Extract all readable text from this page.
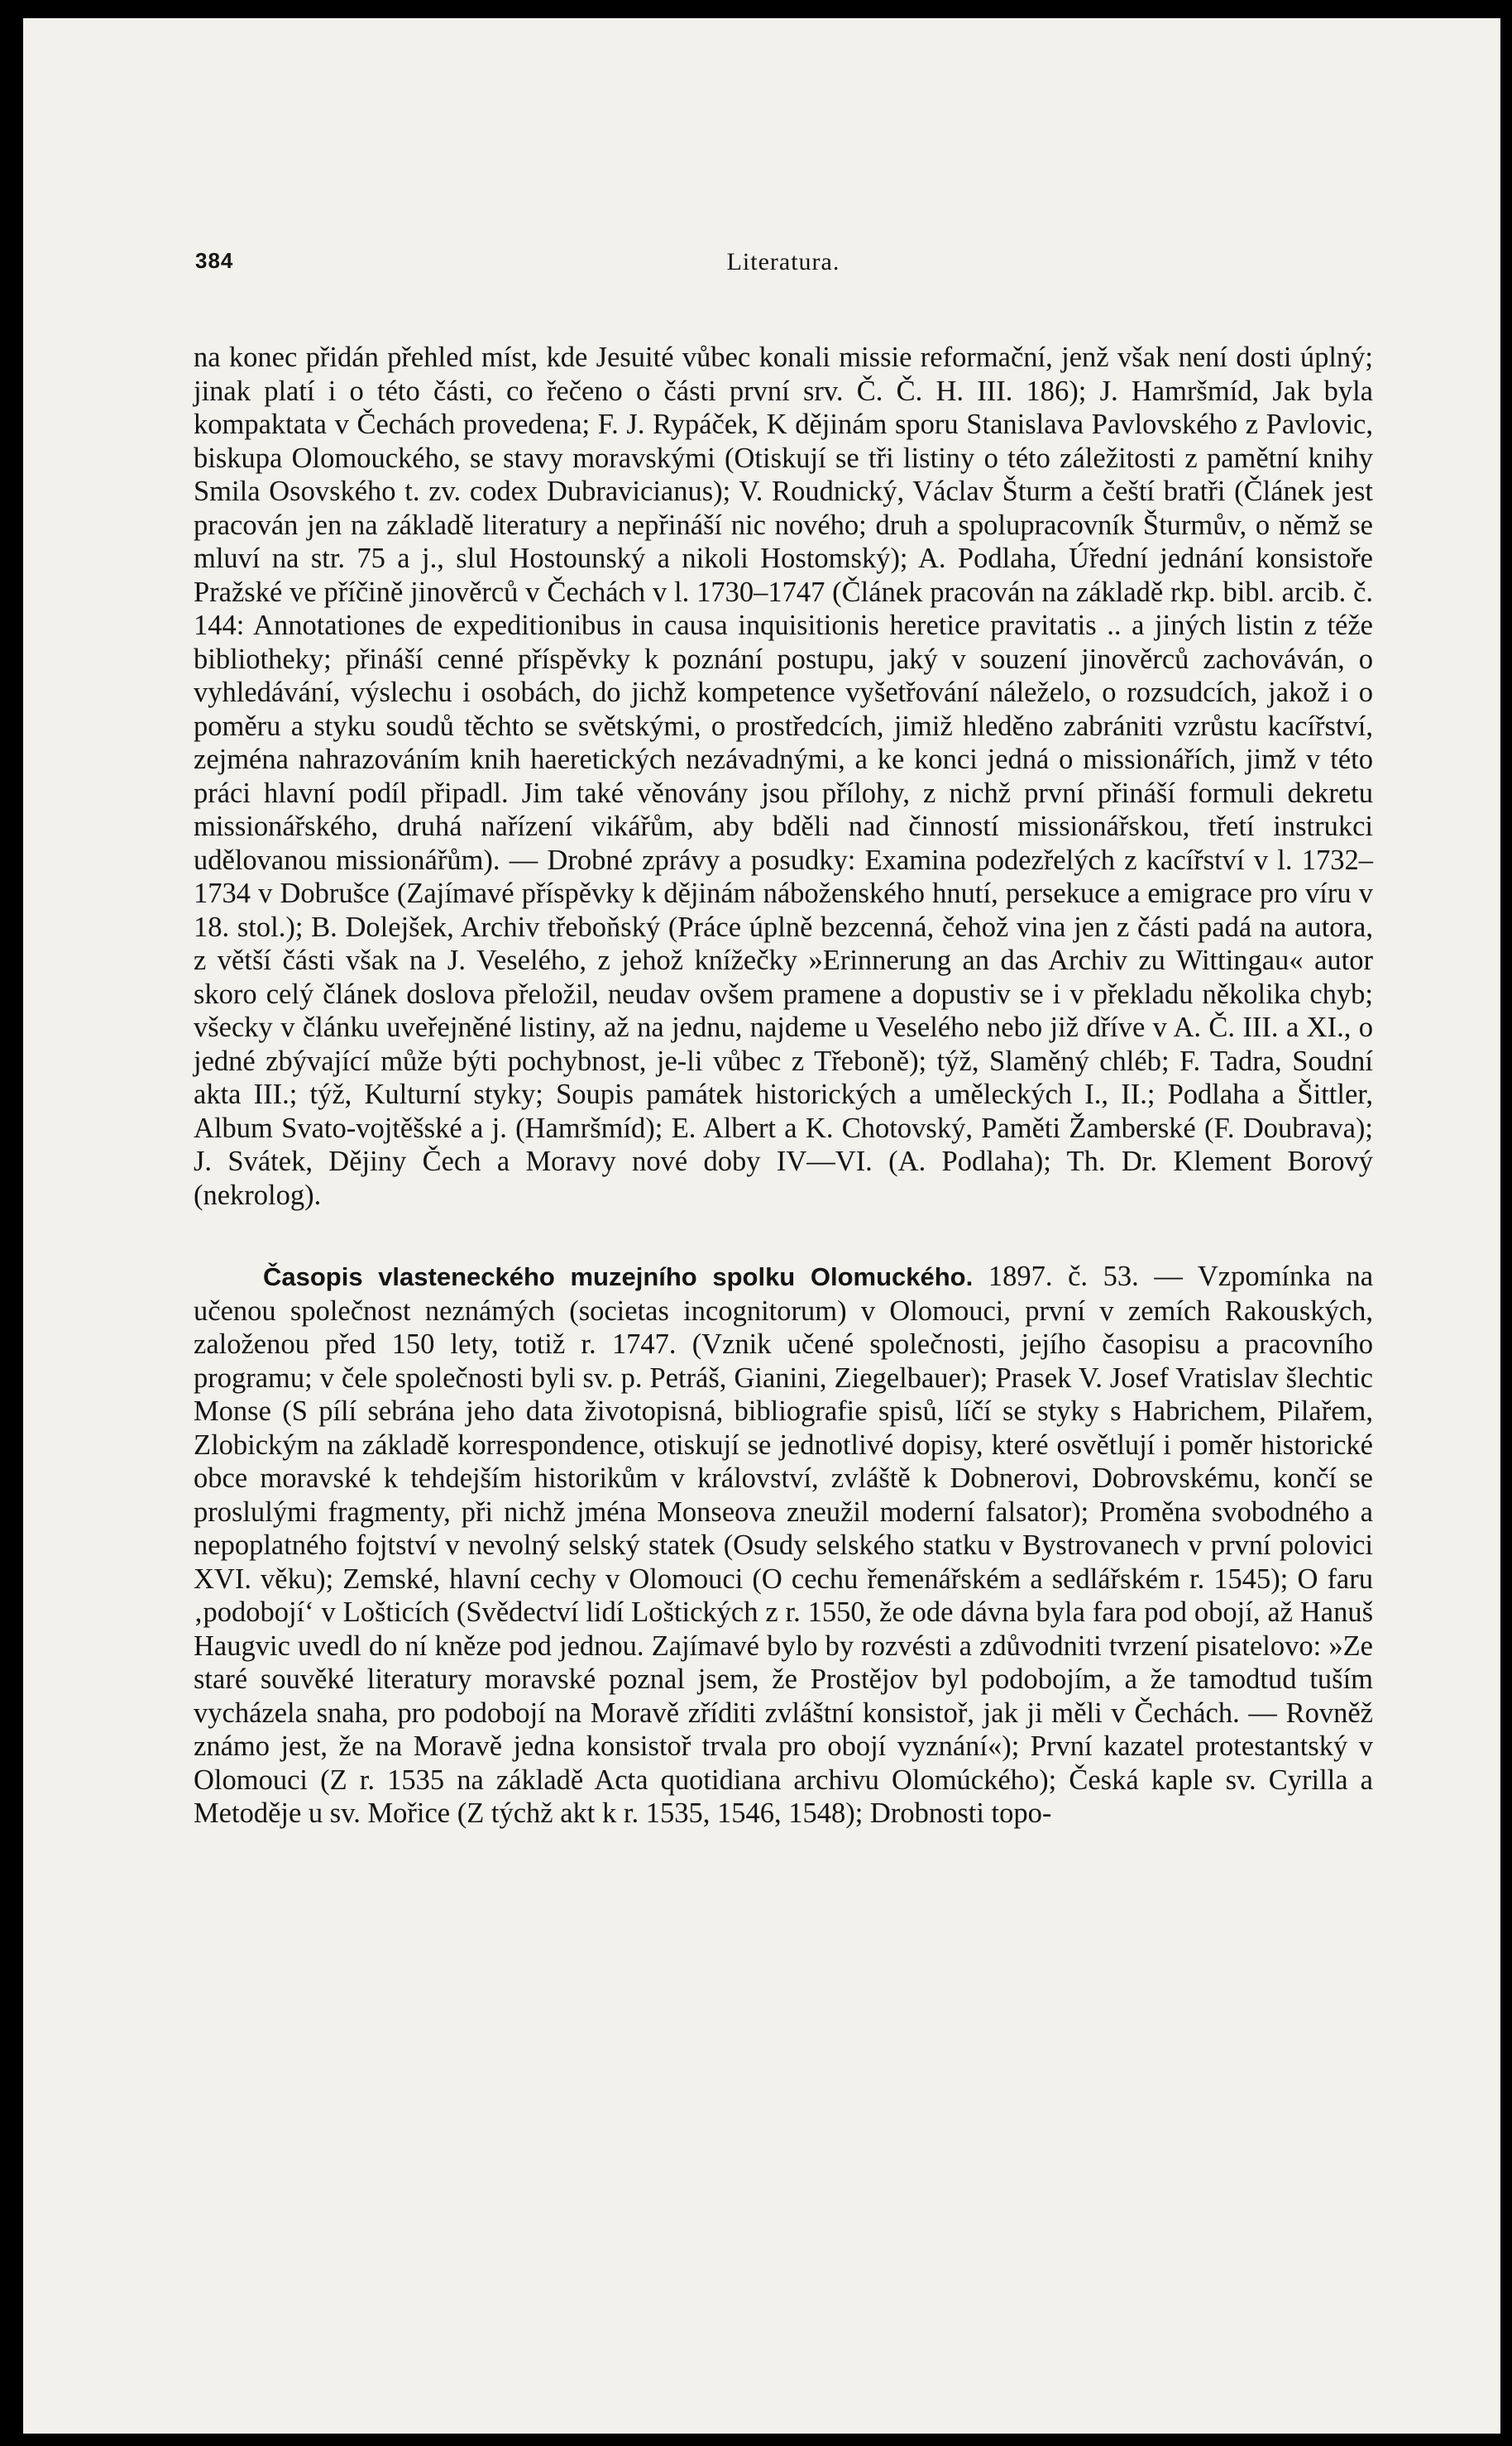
384	Literatura.

na konec přidán přehled míst, kde Jesuité vůbec konali missie reformační, jenž však není dosti úplný; jinak platí i o této části, co řečeno o části první srv. Č. Č. H. III. 186); J. Hamršmíd, Jak byla kompaktata v Čechách provedena; F. J. Rypáček, K dějinám sporu Stanislava Pavlovského z Pavlovic, biskupa Olomouckého, se stavy moravskými (Otiskují se tři listiny o této záležitosti z pamětní knihy Smila Osovského t. zv. codex Dubravicianus); V. Roudnický, Václav Šturm a čeští bratři (Článek jest pracován jen na základě literatury a nepřináší nic nového; druh a spolupracovník Šturmův, o němž se mluví na str. 75 a j., slul Hostounský a nikoli Hostomský); A. Podlaha, Úřední jednání konsistoře Pražské ve příčině jinověrců v Čechách v l. 1730–1747 (Článek pracován na základě rkp. bibl. arcib. č. 144: Annotationes de expeditionibus in causa inquisitionis heretice pravitatis .. a jiných listin z téže bibliotheky; přináší cenné příspěvky k poznání postupu, jaký v souzení jinověrců zachováván, o vyhledávání, výslechu i osobách, do jichž kompetence vyšetřování náleželo, o rozsudcích, jakož i o poměru a styku soudů těchto se světskými, o prostředcích, jimiž hleděno zabrániti vzrůstu kacířství, zejména nahrazováním knih haeretických nezávadnými, a ke konci jedná o missionářích, jimž v této práci hlavní podíl připadl. Jim také věnovány jsou přílohy, z nichž první přináší formuli dekretu missionářského, druhá nařízení vikářům, aby bděli nad činností missionářskou, třetí instrukci udělovanou missionářům). — Drobné zprávy a posudky: Examina podezřelých z kacířství v l. 1732–1734 v Dobrušce (Zajímavé příspěvky k dějinám náboženského hnutí, persekuce a emigrace pro víru v 18. stol.); B. Dolejšek, Archiv třeboňský (Práce úplně bezcenná, čehož vina jen z části padá na autora, z větší části však na J. Veselého, z jehož knížečky »Erinnerung an das Archiv zu Wittingau« autor skoro celý článek doslova přeložil, neudav ovšem pramene a dopustiv se i v překladu několika chyb; všecky v článku uveřejněné listiny, až na jednu, najdeme u Veselého nebo již dříve v A. Č. III. a XI., o jedné zbývající může býti pochybnost, je-li vůbec z Třeboně); týž, Slaměný chléb; F. Tadra, Soudní akta III.; týž, Kulturní styky; Soupis památek historických a uměleckých I., II.; Podlaha a Šittler, Album Svato-vojtěšské a j. (Hamršmíd); E. Albert a K. Chotovský, Paměti Žamberské (F. Doubrava); J. Svátek, Dějiny Čech a Moravy nové doby IV—VI. (A. Podlaha); Th. Dr. Klement Borový (nekrolog).

Časopis vlasteneckého muzejního spolku Olomuckého. 1897. č. 53. — Vzpomínka na učenou společnost neznámých (societas incognitorum) v Olomouci, první v zemích Rakouských, založenou před 150 lety, totiž r. 1747. (Vznik učené společnosti, jejího časopisu a pracovního programu; v čele společnosti byli sv. p. Petráš, Gianini, Ziegelbauer); Prasek V. Josef Vratislav šlechtic Monse (S pílí sebrána jeho data životopisná, bibliografie spisů, líčí se styky s Habrichem, Pilařem, Zlobickým na základě korrespondence, otiskují se jednotlivé dopisy, které osvětlují i poměr historické obce moravské k tehdejším historikům v království, zvláště k Dobnerovi, Dobrovskému, končí se proslulými fragmenty, při nichž jména Monseova zneužil moderní falsator); Proměna svobodného a nepoplatného fojtství v nevolný selský statek (Osudy selského statku v Bystrovanech v první polovici XVI. věku); Zemské, hlavní cechy v Olomouci (O cechu řemenářském a sedlářském r. 1545); O faru ‚podobojí‘ v Lošticích (Svědectví lidí Loštických z r. 1550, že ode dávna byla fara pod obojí, až Hanuš Haugvic uvedl do ní kněze pod jednou. Zajímavé bylo by rozvésti a zdůvodniti tvrzení pisatelovo: »Ze staré souvěké literatury moravské poznal jsem, že Prostějov byl podobojím, a že tamodtud tuším vycházela snaha, pro podobojí na Moravě zříditi zvláštní konsistoř, jak ji měli v Čechách. — Rovněž známo jest, že na Moravě jedna konsistoř trvala pro obojí vyznání«); První kazatel protestantský v Olomouci (Z r. 1535 na základě Acta quotidiana archivu Olomúckého); Česká kaple sv. Cyrilla a Metoděje u sv. Mořice (Z týchž akt k r. 1535, 1546, 1548); Drobnosti topo-
